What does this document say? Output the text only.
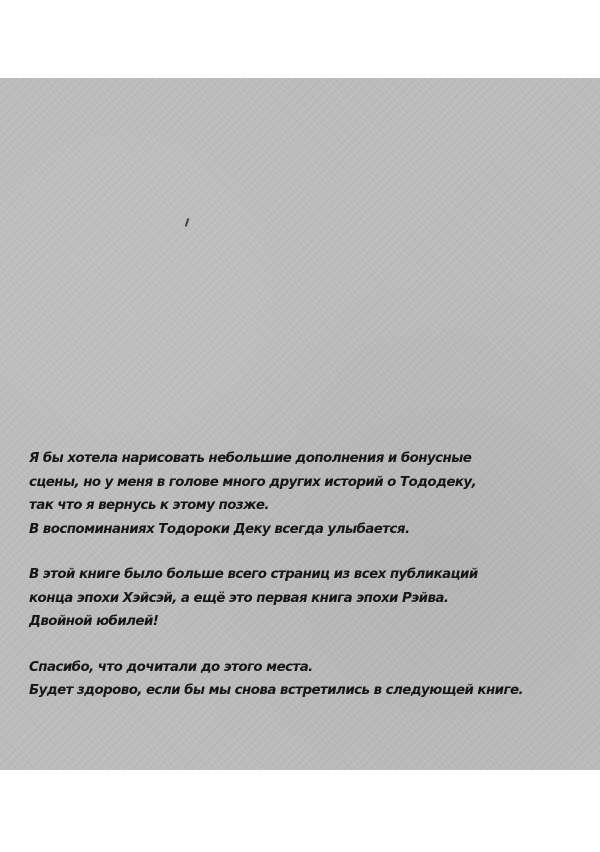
Я бы хотела нарисовать небольшие дополнения и бонусные
сцены, но у меня в голове много других историй о Тододеку,
так что я вернусь к этому позже.
В воспоминаниях Тодороки Деку всегда улыбается.
В этой книге было больше всего страниц из всех публикаций
конца эпохи Хэйсэй, а ещё это первая книга эпохи Рэйва.
Двойной юбилей!
Спасибо, что дочитали до этого места.
Будет здорово, если бы мы снова встретились в следующей книге.
